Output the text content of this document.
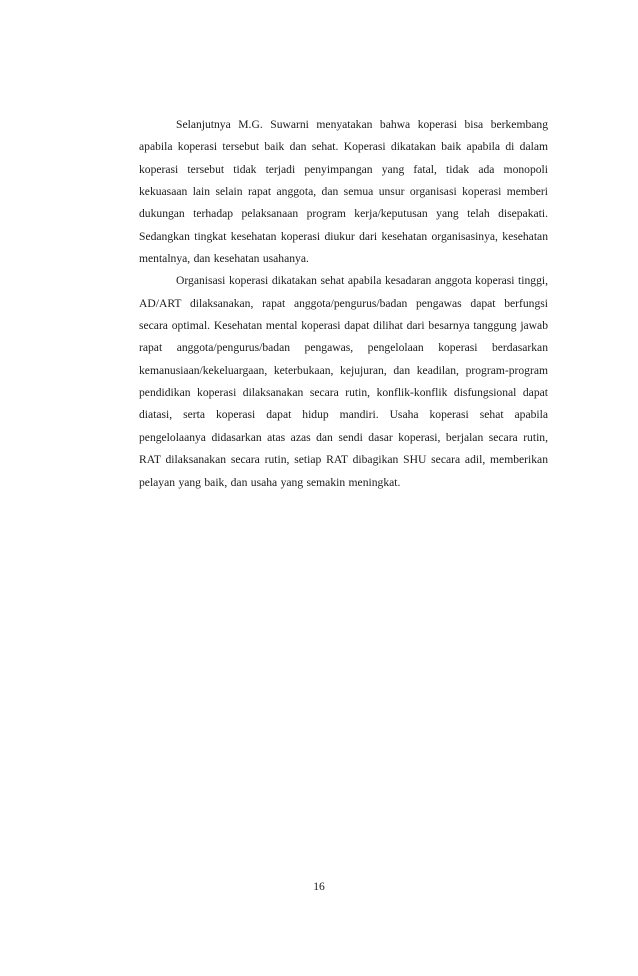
Selanjutnya M.G. Suwarni menyatakan bahwa koperasi bisa berkembang apabila koperasi tersebut baik dan sehat. Koperasi dikatakan baik apabila di dalam koperasi tersebut tidak terjadi penyimpangan yang fatal, tidak ada monopoli kekuasaan lain selain rapat anggota, dan semua unsur organisasi koperasi memberi dukungan terhadap pelaksanaan program kerja/keputusan yang telah disepakati. Sedangkan tingkat kesehatan koperasi diukur dari kesehatan organisasinya, kesehatan mentalnya, dan kesehatan usahanya.

Organisasi koperasi dikatakan sehat apabila kesadaran anggota koperasi tinggi, AD/ART dilaksanakan, rapat anggota/pengurus/badan pengawas dapat berfungsi secara optimal. Kesehatan mental koperasi dapat dilihat dari besarnya tanggung jawab rapat anggota/pengurus/badan pengawas, pengelolaan koperasi berdasarkan kemanusiaan/kekeluargaan, keterbukaan, kejujuran, dan keadilan, program-program pendidikan koperasi dilaksanakan secara rutin, konflik-konflik disfungsional dapat diatasi, serta koperasi dapat hidup mandiri. Usaha koperasi sehat apabila pengelolaanya didasarkan atas azas dan sendi dasar koperasi, berjalan secara rutin, RAT dilaksanakan secara rutin, setiap RAT dibagikan SHU secara adil, memberikan pelayan yang baik, dan usaha yang semakin meningkat.

16
